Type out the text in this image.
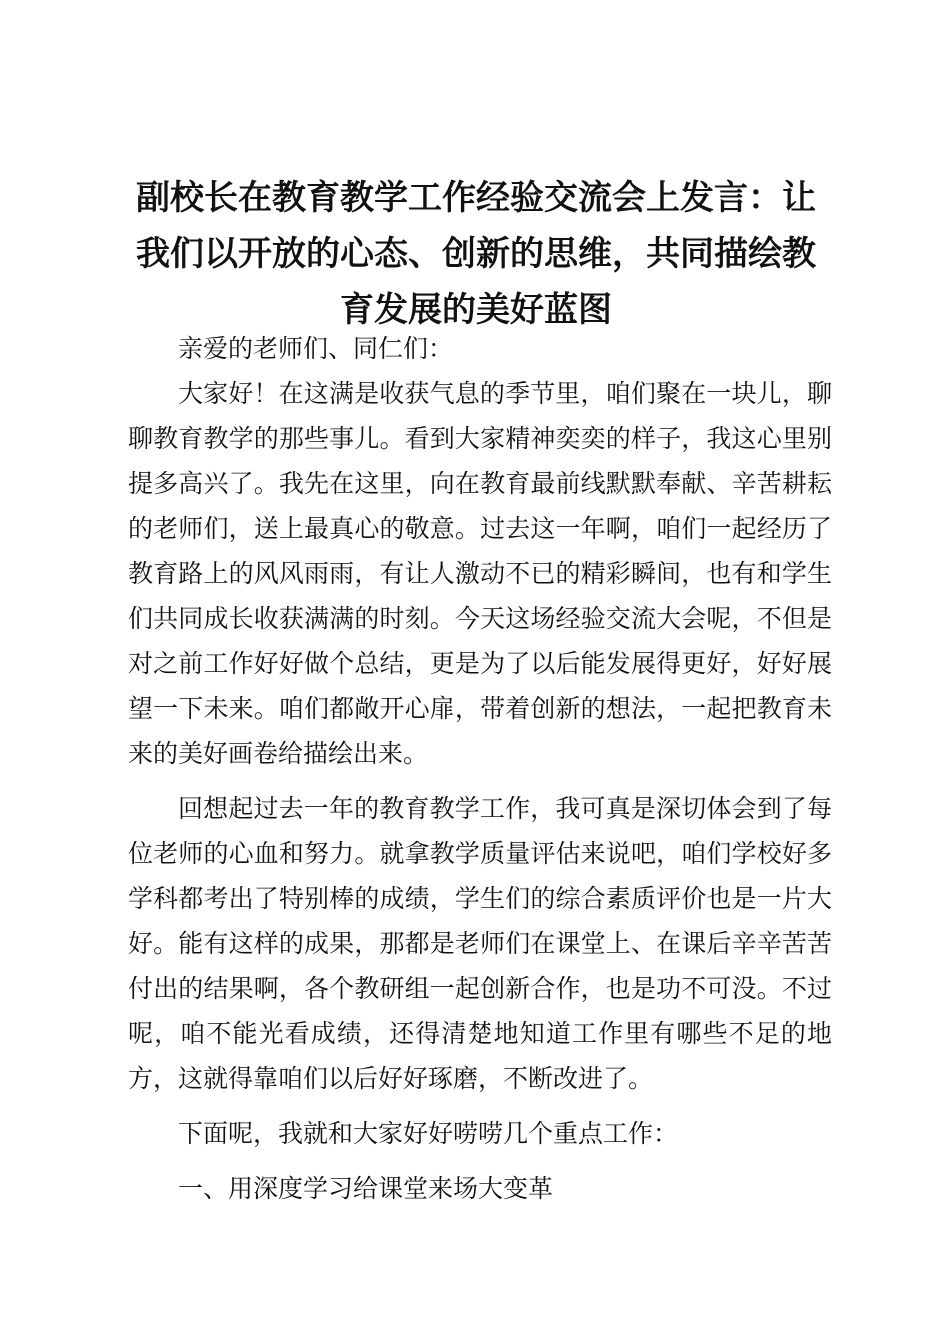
副校长在教育教学工作经验交流会上发言：让我们以开放的心态、创新的思维，共同描绘教育发展的美好蓝图

亲爱的老师们、同仁们：

大家好！在这满是收获气息的季节里，咱们聚在一块儿，聊聊教育教学的那些事儿。看到大家精神奕奕的样子，我这心里别提多高兴了。我先在这里，向在教育最前线默默奉献、辛苦耕耘的老师们，送上最真心的敬意。过去这一年啊，咱们一起经历了教育路上的风风雨雨，有让人激动不已的精彩瞬间，也有和学生们共同成长收获满满的时刻。今天这场经验交流大会呢，不但是对之前工作好好做个总结，更是为了以后能发展得更好，好好展望一下未来。咱们都敞开心扉，带着创新的想法，一起把教育未来的美好画卷给描绘出来。

回想起过去一年的教育教学工作，我可真是深切体会到了每位老师的心血和努力。就拿教学质量评估来说吧，咱们学校好多学科都考出了特别棒的成绩，学生们的综合素质评价也是一片大好。能有这样的成果，那都是老师们在课堂上、在课后辛辛苦苦付出的结果啊，各个教研组一起创新合作，也是功不可没。不过呢，咱不能光看成绩，还得清楚地知道工作里有哪些不足的地方，这就得靠咱们以后好好琢磨，不断改进了。

下面呢，我就和大家好好唠唠几个重点工作：

一、用深度学习给课堂来场大变革
